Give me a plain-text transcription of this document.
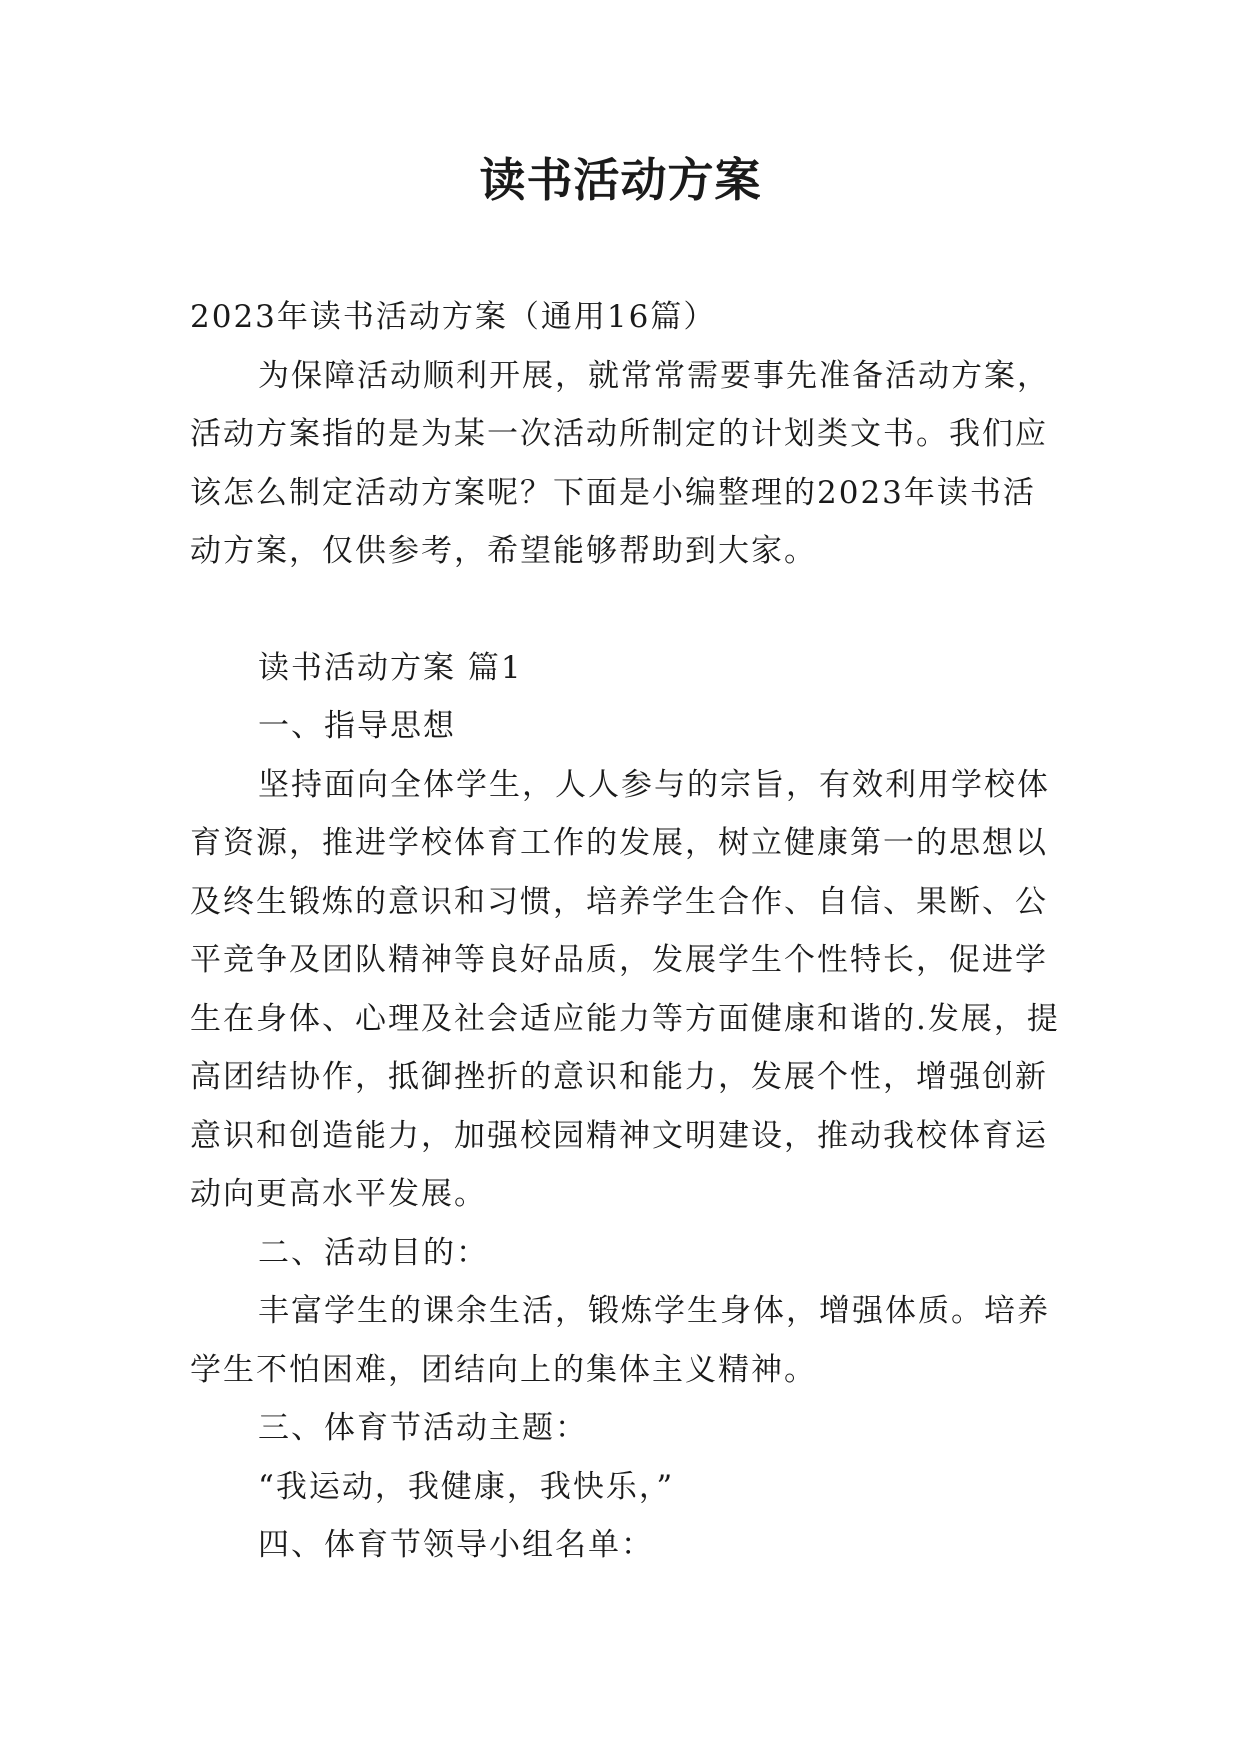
读书活动方案

2023年读书活动方案（通用16篇）

为保障活动顺利开展，就常常需要事先准备活动方案，活动方案指的是为某一次活动所制定的计划类文书。我们应该怎么制定活动方案呢？下面是小编整理的2023年读书活动方案，仅供参考，希望能够帮助到大家。

读书活动方案 篇1

一、指导思想

坚持面向全体学生，人人参与的宗旨，有效利用学校体育资源，推进学校体育工作的发展，树立健康第一的思想以及终生锻炼的意识和习惯，培养学生合作、自信、果断、公平竞争及团队精神等良好品质，发展学生个性特长，促进学生在身体、心理及社会适应能力等方面健康和谐的.发展，提高团结协作，抵御挫折的意识和能力，发展个性，增强创新意识和创造能力，加强校园精神文明建设，推动我校体育运动向更高水平发展。

二、活动目的：

丰富学生的课余生活，锻炼学生身体，增强体质。培养学生不怕困难，团结向上的集体主义精神。

三、体育节活动主题：

“我运动，我健康，我快乐，”

四、体育节领导小组名单：
